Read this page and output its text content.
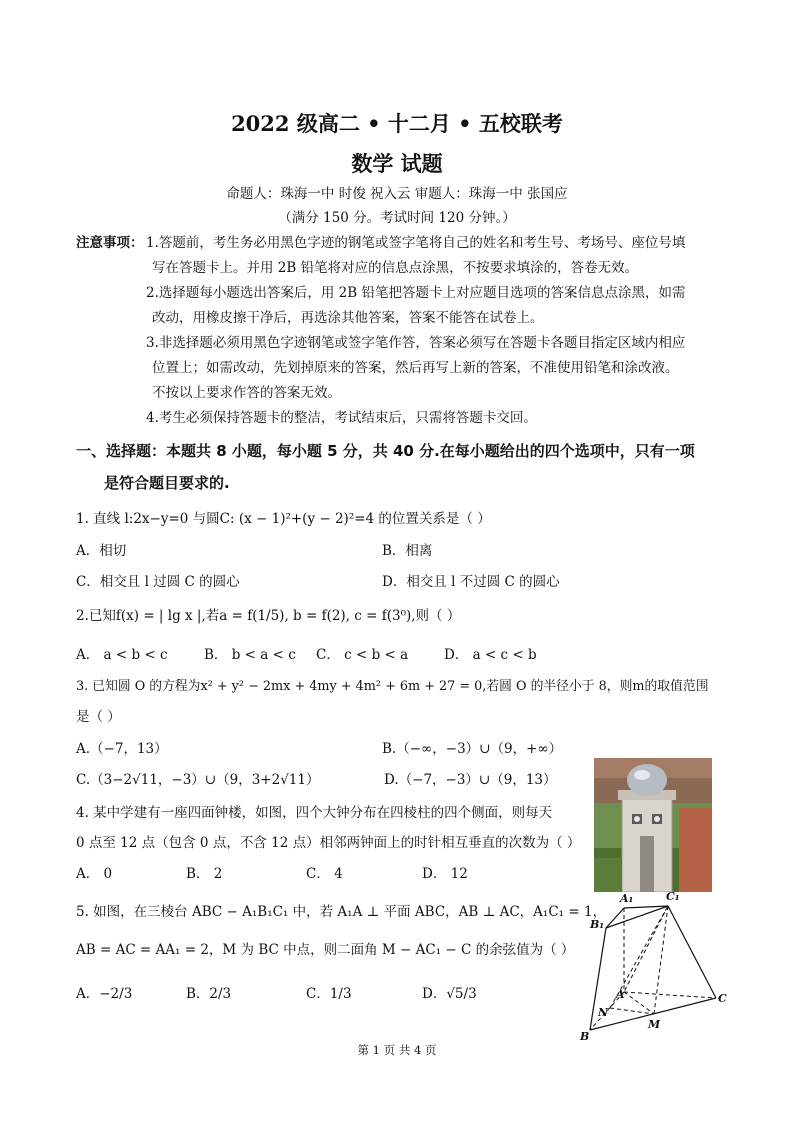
2022 级高二 • 十二月 • 五校联考
数学 试题
命题人：珠海一中 时俊 祝入云 审题人：珠海一中 张国应
（满分 150 分。考试时间 120 分钟。）
注意事项： 1.答题前，考生务必用黑色字迹的钢笔或签字笔将自己的姓名和考生号、考场号、座位号填
写在答题卡上。并用 2B 铅笔将对应的信息点涂黑，不按要求填涂的，答卷无效。
2.选择题每小题选出答案后，用 2B 铅笔把答题卡上对应题目选项的答案信息点涂黑，如需
改动，用橡皮擦干净后，再选涂其他答案，答案不能答在试卷上。
3.非选择题必须用黑色字迹钢笔或签字笔作答，答案必须写在答题卡各题目指定区域内相应
位置上；如需改动，先划掉原来的答案，然后再写上新的答案，不准使用铅笔和涂改液。
不按以上要求作答的答案无效。
4.考生必须保持答题卡的整洁，考试结束后，只需将答题卡交回。
一、选择题：本题共 8 小题，每小题 5 分，共 40 分.在每小题给出的四个选项中，只有一项
是符合题目要求的.
1. 直线 l:2x−y=0 与圆C: (x − 1)²+(y − 2)²=4 的位置关系是（ ）
A．相切	B．相离
C．相交且 l 过圆 C 的圆心	D．相交且 l 不过圆 C 的圆心
2.已知f(x) = | lg x |,若a = f(1/5), b = f(2), c = f(3⁰),则（ ）
A． a < b < c	B． b < a < c C． c < b < a	D． a < c < b
3. 已知圆 O 的方程为x² + y² − 2mx + 4my + 4m² + 6m + 27 = 0,若圆 O 的半径小于 8，则m的取值范围
是（ ）
A.（−7，13）	B.（−∞，−3）∪（9，+∞）
C.（3−2√11，−3）∪（9，3+2√11）	D.（−7，−3）∪（9，13）
4. 某中学建有一座四面钟楼，如图，四个大钟分布在四棱柱的四个侧面，则每天
0 点至 12 点（包含 0 点，不含 12 点）相邻两钟面上的时针相互垂直的次数为（ ）
A． 0	B． 2	C． 4	D． 12
5. 如图，在三棱台 ABC − A₁B₁C₁ 中，若 A₁A ⊥ 平面 ABC，AB ⊥ AC，A₁C₁ = 1，
AB = AC = AA₁ = 2，M 为 BC 中点，则二面角 M − AC₁ − C 的余弦值为（ ）
A．−2/3	B．2/3	C．1/3	D．√5/3
A₁	C₁
B₁
A	C
N
M
B
第 1 页 共 4 页
